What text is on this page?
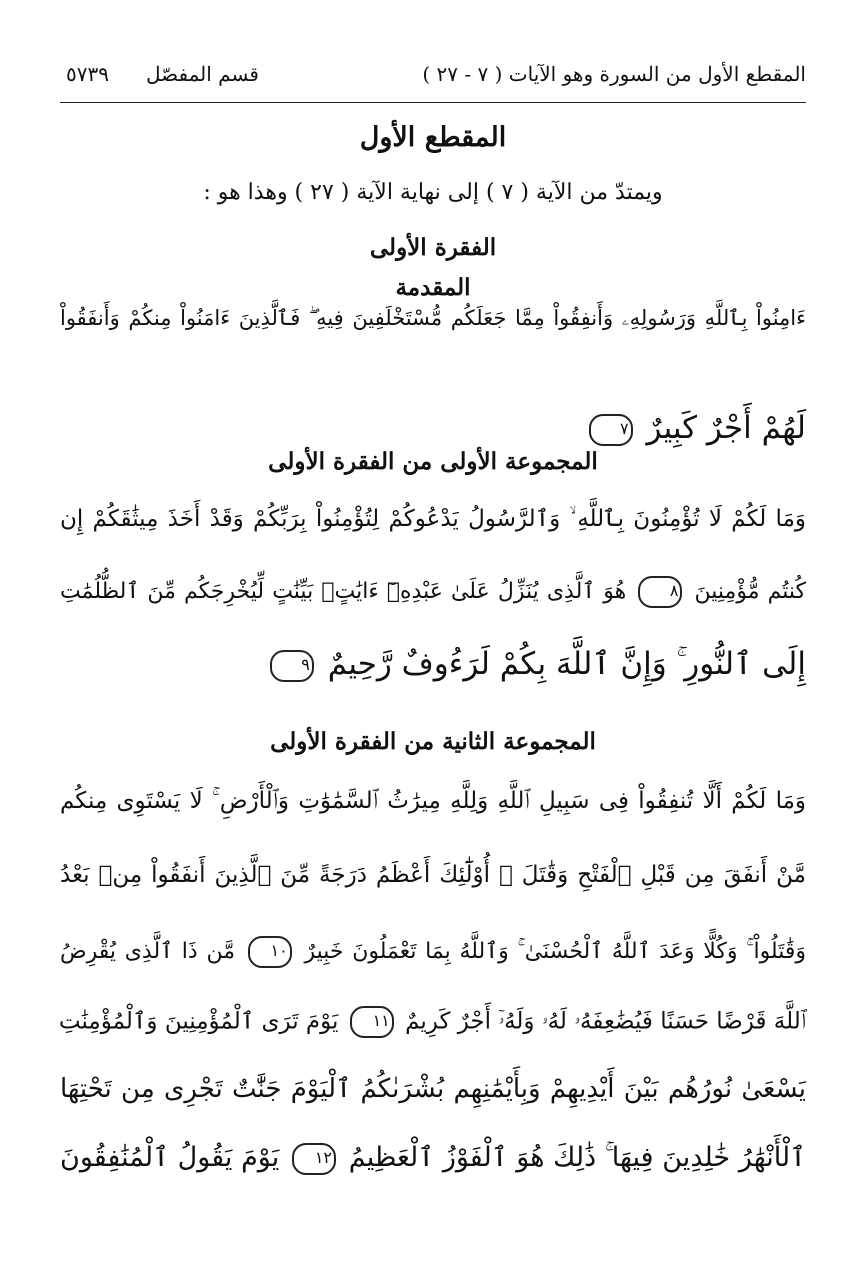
المقطع الأول من السورة وهو الآيات ( ٧ - ٢٧ )
قسم المفصّل
٥٧٣٩
المقطع الأول
ويمتدّ من الآية ( ٧ ) إلى نهاية الآية ( ٢٧ ) وهذا هو :
الفقرة الأولى
المقدمة
ءَامِنُواْ بِٱللَّهِ وَرَسُولِهِۦ وَأَنفِقُواْ مِمَّا جَعَلَكُم مُّسْتَخْلَفِينَ فِيهِ ۖ فَٱلَّذِينَ ءَامَنُواْ مِنكُمْ وَأَنفَقُواْ
لَهُمْ أَجْرٌ كَبِيرٌ ٧
المجموعة الأولى من الفقرة الأولى
وَمَا لَكُمْ لَا تُؤْمِنُونَ بِٱللَّهِ ۙ وَٱلرَّسُولُ يَدْعُوكُمْ لِتُؤْمِنُواْ بِرَبِّكُمْ وَقَدْ أَخَذَ مِيثَٰقَكُمْ إِن
كُنتُم مُّؤْمِنِينَ ٨ هُوَ ٱلَّذِى يُنَزِّلُ عَلَىٰ عَبْدِهِۦٓ ءَايَٰتٍۭ بَيِّنَٰتٍ لِّيُخْرِجَكُم مِّنَ ٱلظُّلُمَٰتِ
إِلَى ٱلنُّورِ ۚ وَإِنَّ ٱللَّهَ بِكُمْ لَرَءُوفٌ رَّحِيمٌ ٩
المجموعة الثانية من الفقرة الأولى
وَمَا لَكُمْ أَلَّا تُنفِقُواْ فِى سَبِيلِ ٱللَّهِ وَلِلَّهِ مِيرَٰثُ ٱلسَّمَٰوَٰتِ وَٱلْأَرْضِ ۚ لَا يَسْتَوِى مِنكُم
مَّنْ أَنفَقَ مِن قَبْلِ ٱلْفَتْحِ وَقَٰتَلَ ۚ أُوْلَٰٓئِكَ أَعْظَمُ دَرَجَةً مِّنَ ٱلَّذِينَ أَنفَقُواْ مِنۢ بَعْدُ
وَقَٰتَلُواْ ۚ وَكُلًّا وَعَدَ ٱللَّهُ ٱلْحُسْنَىٰ ۚ وَٱللَّهُ بِمَا تَعْمَلُونَ خَبِيرٌ ١٠ مَّن ذَا ٱلَّذِى يُقْرِضُ
ٱللَّهَ قَرْضًا حَسَنًا فَيُضَٰعِفَهُۥ لَهُۥ وَلَهُۥٓ أَجْرٌ كَرِيمٌ ١١ يَوْمَ تَرَى ٱلْمُؤْمِنِينَ وَٱلْمُؤْمِنَٰتِ
يَسْعَىٰ نُورُهُم بَيْنَ أَيْدِيهِمْ وَبِأَيْمَٰنِهِم بُشْرَىٰكُمُ ٱلْيَوْمَ جَنَّٰتٌ تَجْرِى مِن تَحْتِهَا
ٱلْأَنْهَٰرُ خَٰلِدِينَ فِيهَا ۚ ذَٰلِكَ هُوَ ٱلْفَوْزُ ٱلْعَظِيمُ ١٢ يَوْمَ يَقُولُ ٱلْمُنَٰفِقُونَ
